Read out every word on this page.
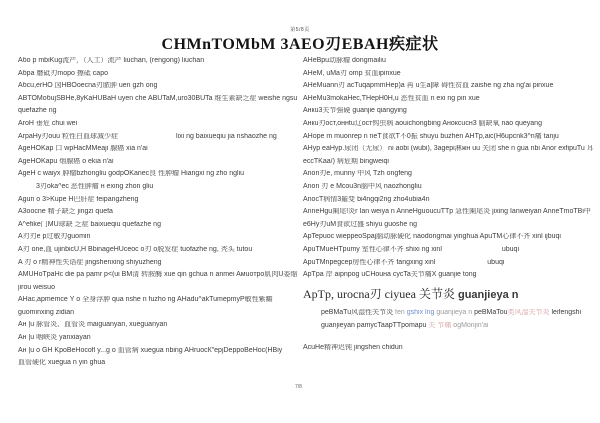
第5/8页
CHMnTOMbM 3AEO刃EBAH疾症状
Aбо p mbiKug流产，（人工）流产 liuchan, (rengong) liuchan
Aбpa 磨砥刃mopo 擦砥 capo
Aбcu,erHO 囟HBOoecna刃脓肿 uen gzh ong
ABTOMoбujSBHe,8yKaHUBaH uyen che ABUTaM,uro30BUTa 维生素缺乏症 weishe ngsu
quefazhe ng
AroH 垂危 chui wei
ArpaHy刃ouu 粒性白血球减少症	lixi ng baixueqiu jia nshaozhe ng
AgeHOKap 口 wpHacMMeaji 腺癌 xia n'ai
AgeHOKapu 烟腺癌 o ekia n'ai
AgeH c waiyx 肿瘤bzhongliu godpOKanec良 性肿瘤 Hiangxi ng zho ngliu
3刃oka^ec 恶性肿瘤 н exing zhon gliu
Agun o 3>Kupe H巴肝症 feipangzheng
A3oocne 精子缺乏 jingzi quefa
A^efike门MU球缺 乏症 baixueqiu quefazhe ng
A刃刃e p过敏刃guomin
A刃 one,血 ujinbicU,H BbinageHUceoc o刃 o脱发症 tuofazhe ng, 秃头 tutou
A 刃 o r精神性失语症 jingshenxing shiyuzheng
AMUHoTpaHc die pa pamr p<(ui BM清 转胺酶 xue qin gchua n anmei Aмuoтро肌肉U委缩
jirou weisuo
AHac,apmemce Υ o 全身浮肿 qua nshe n fuzho ng AHadu^akTumepmyP敏性紫癜
guominxing zidian
Aн |u 脉管炎、血管炎 maiguanyan, xueguanyan
Aн |u 咽峡炎 yanxiayan
Aн |u o GH KpoBeHocofl y...g o 血管病 xuegua nbing AHruocК"epjDeppoBeHoc(HBiy
血管硬化 xuegua n yin ghua
AHeBpu动脉瘤 dongmailiu
AHeM, uMa刃 omp 贫血ipinxue
AHeMuann刃 acTuqapmmHep)a 再 u生a|障 碍性贫血 zaishe ng zha ng'ai pinxue
AHeMu3mokaHec,THepH0H,u 恶性贫血 n exi ng pin xue
Aнкu3关节强硬 guanjie qiangying
Aнкu刃ocт,oннtu辽ocт钩虫病 aouichongbing Aноксucн3 脑缺氧 nao queyang
AHope m muonrep n neT食欲T不0振 shuyu buzhen AHTp,aic(H6upcnk3^n痛 tanju
AHyp eaHyp.尿闭（无尿） ni aobi (wubi), 3agepi淋жн uu 关闭 she n gua nbi Anor exfipuTu 耳
eccTKaa/) 病危期 bingweiqi
Anon刃e, munny 中风 Tzh ongfeng
Anon 刃 e Mcou3n脑中风 naozhongliu
AnocT病情3羅变 bi4ngqi2ng zho4ubia4n
AnneHgu阑尾!炎r Ian weiya n AnneHguoucuTTp 急性阑尾炎 jixing Ianweiyan AnneTmoTBi中
e6Hy刃uM食欲过盛 shiyu guoshe ng
ApTepuoc wieppeoSpaj脑动脉硬化 naodongmai yinghua ApuTM心律不齐 xinl ijbuqi
ApuTMueHTpumy 室性心律不齐 shixi ng xinl	ubuqi
ApuTMnpegcep房性心律不齐 fangxing xinl	ubuqi
ApTpa 岸 aipnpog uCHouна cycTa关节痛X guanjie tong
ApTp, urocna刃 ciyuea 关节炎 guanjieya n
peBMaTu风湿性关节炎 fen gshix lng guanjieya n peBMaTou类风湿关节炎 leifengshi
guanjieyan pamycTaapTTpomapu 关 节痛 ogMonjin'ai
AcuHe精神迟钝 jingshen chidun
7/8
